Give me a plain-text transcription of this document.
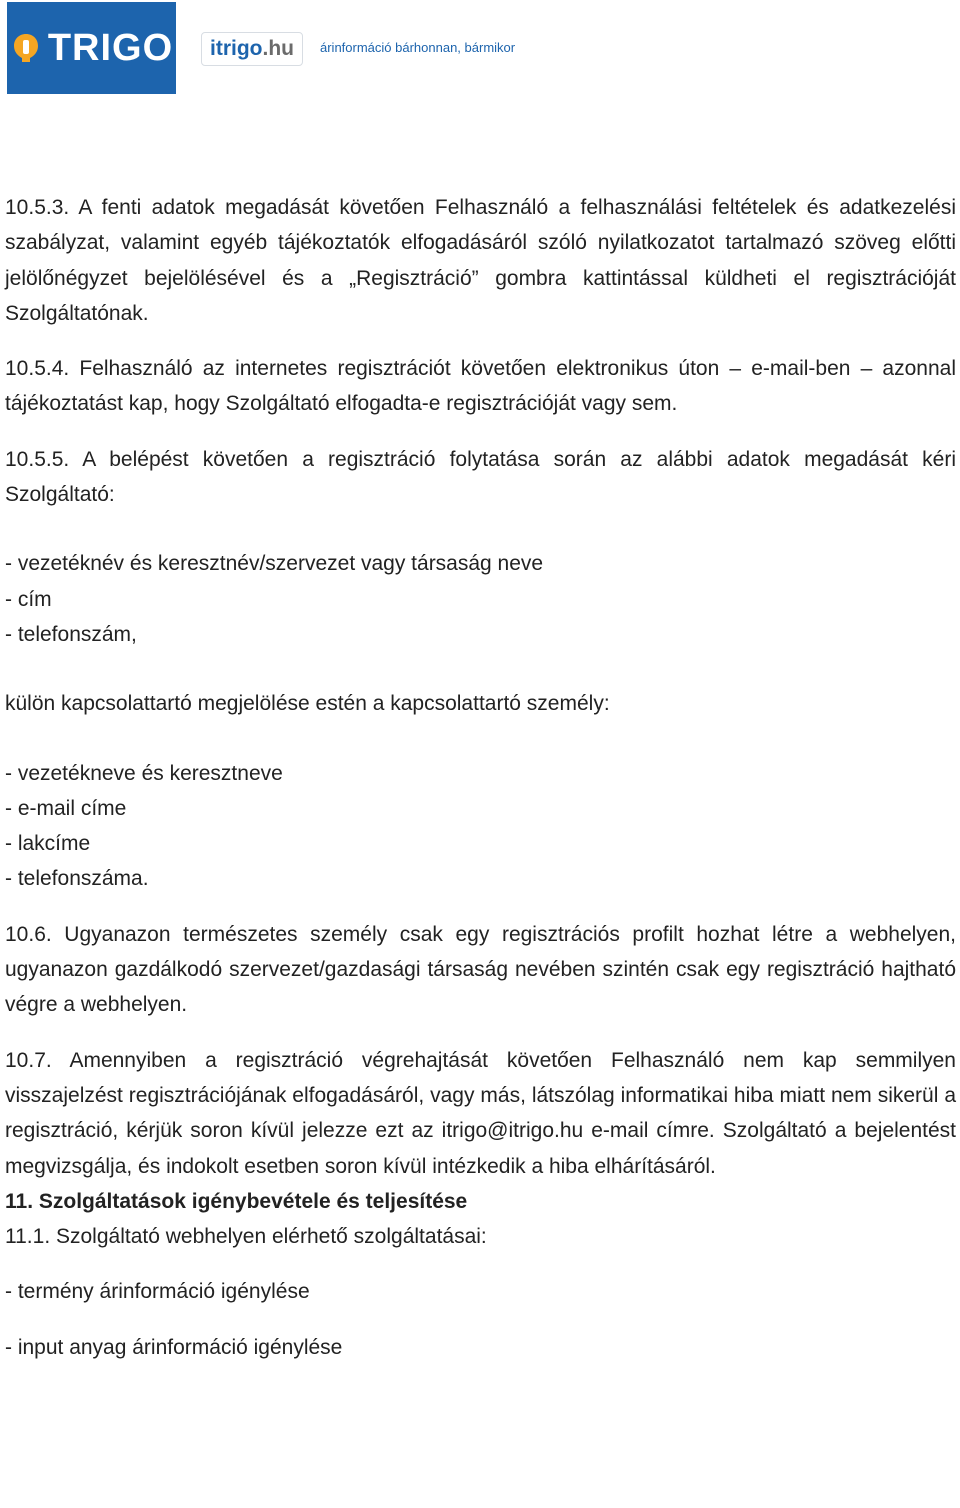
TRIGO itrigo .hu árinformáció bárhonnan, bármikor

10.5.3. A fenti adatok megadását követően Felhasználó a felhasználási feltételek és adatkezelési szabályzat, valamint egyéb tájékoztatók elfogadásáról szóló nyilatkozatot tartalmazó szöveg előtti jelölőnégyzet bejelölésével és a „Regisztráció” gombra kattintással küldheti el regisztrációját Szolgáltatónak.

10.5.4. Felhasználó az internetes regisztrációt követően elektronikus úton – e-mail-ben – azonnal tájékoztatást kap, hogy Szolgáltató elfogadta-e regisztrációját vagy sem.

10.5.5. A belépést követően a regisztráció folytatása során az alábbi adatok megadását kéri Szolgáltató:

- vezetéknév és keresztnév/szervezet vagy társaság neve
- cím
- telefonszám,

külön kapcsolattartó megjelölése estén a kapcsolattartó személy:

- vezetékneve és keresztneve
- e-mail címe
- lakcíme
- telefonszáma.

10.6. Ugyanazon természetes személy csak egy regisztrációs profilt hozhat létre a webhelyen, ugyanazon gazdálkodó szervezet/gazdasági társaság nevében szintén csak egy regisztráció hajtható végre a webhelyen.

10.7. Amennyiben a regisztráció végrehajtását követően Felhasználó nem kap semmilyen visszajelzést regisztrációjának elfogadásáról, vagy más, látszólag informatikai hiba miatt nem sikerül a regisztráció, kérjük soron kívül jelezze ezt az itrigo@itrigo.hu e-mail címre. Szolgáltató a bejelentést megvizsgálja, és indokolt esetben soron kívül intézkedik a hiba elhárításáról.

11. Szolgáltatások igénybevétele és teljesítése

11.1. Szolgáltató webhelyen elérhető szolgáltatásai:

- termény árinformáció igénylése

- input anyag árinformáció igénylése
